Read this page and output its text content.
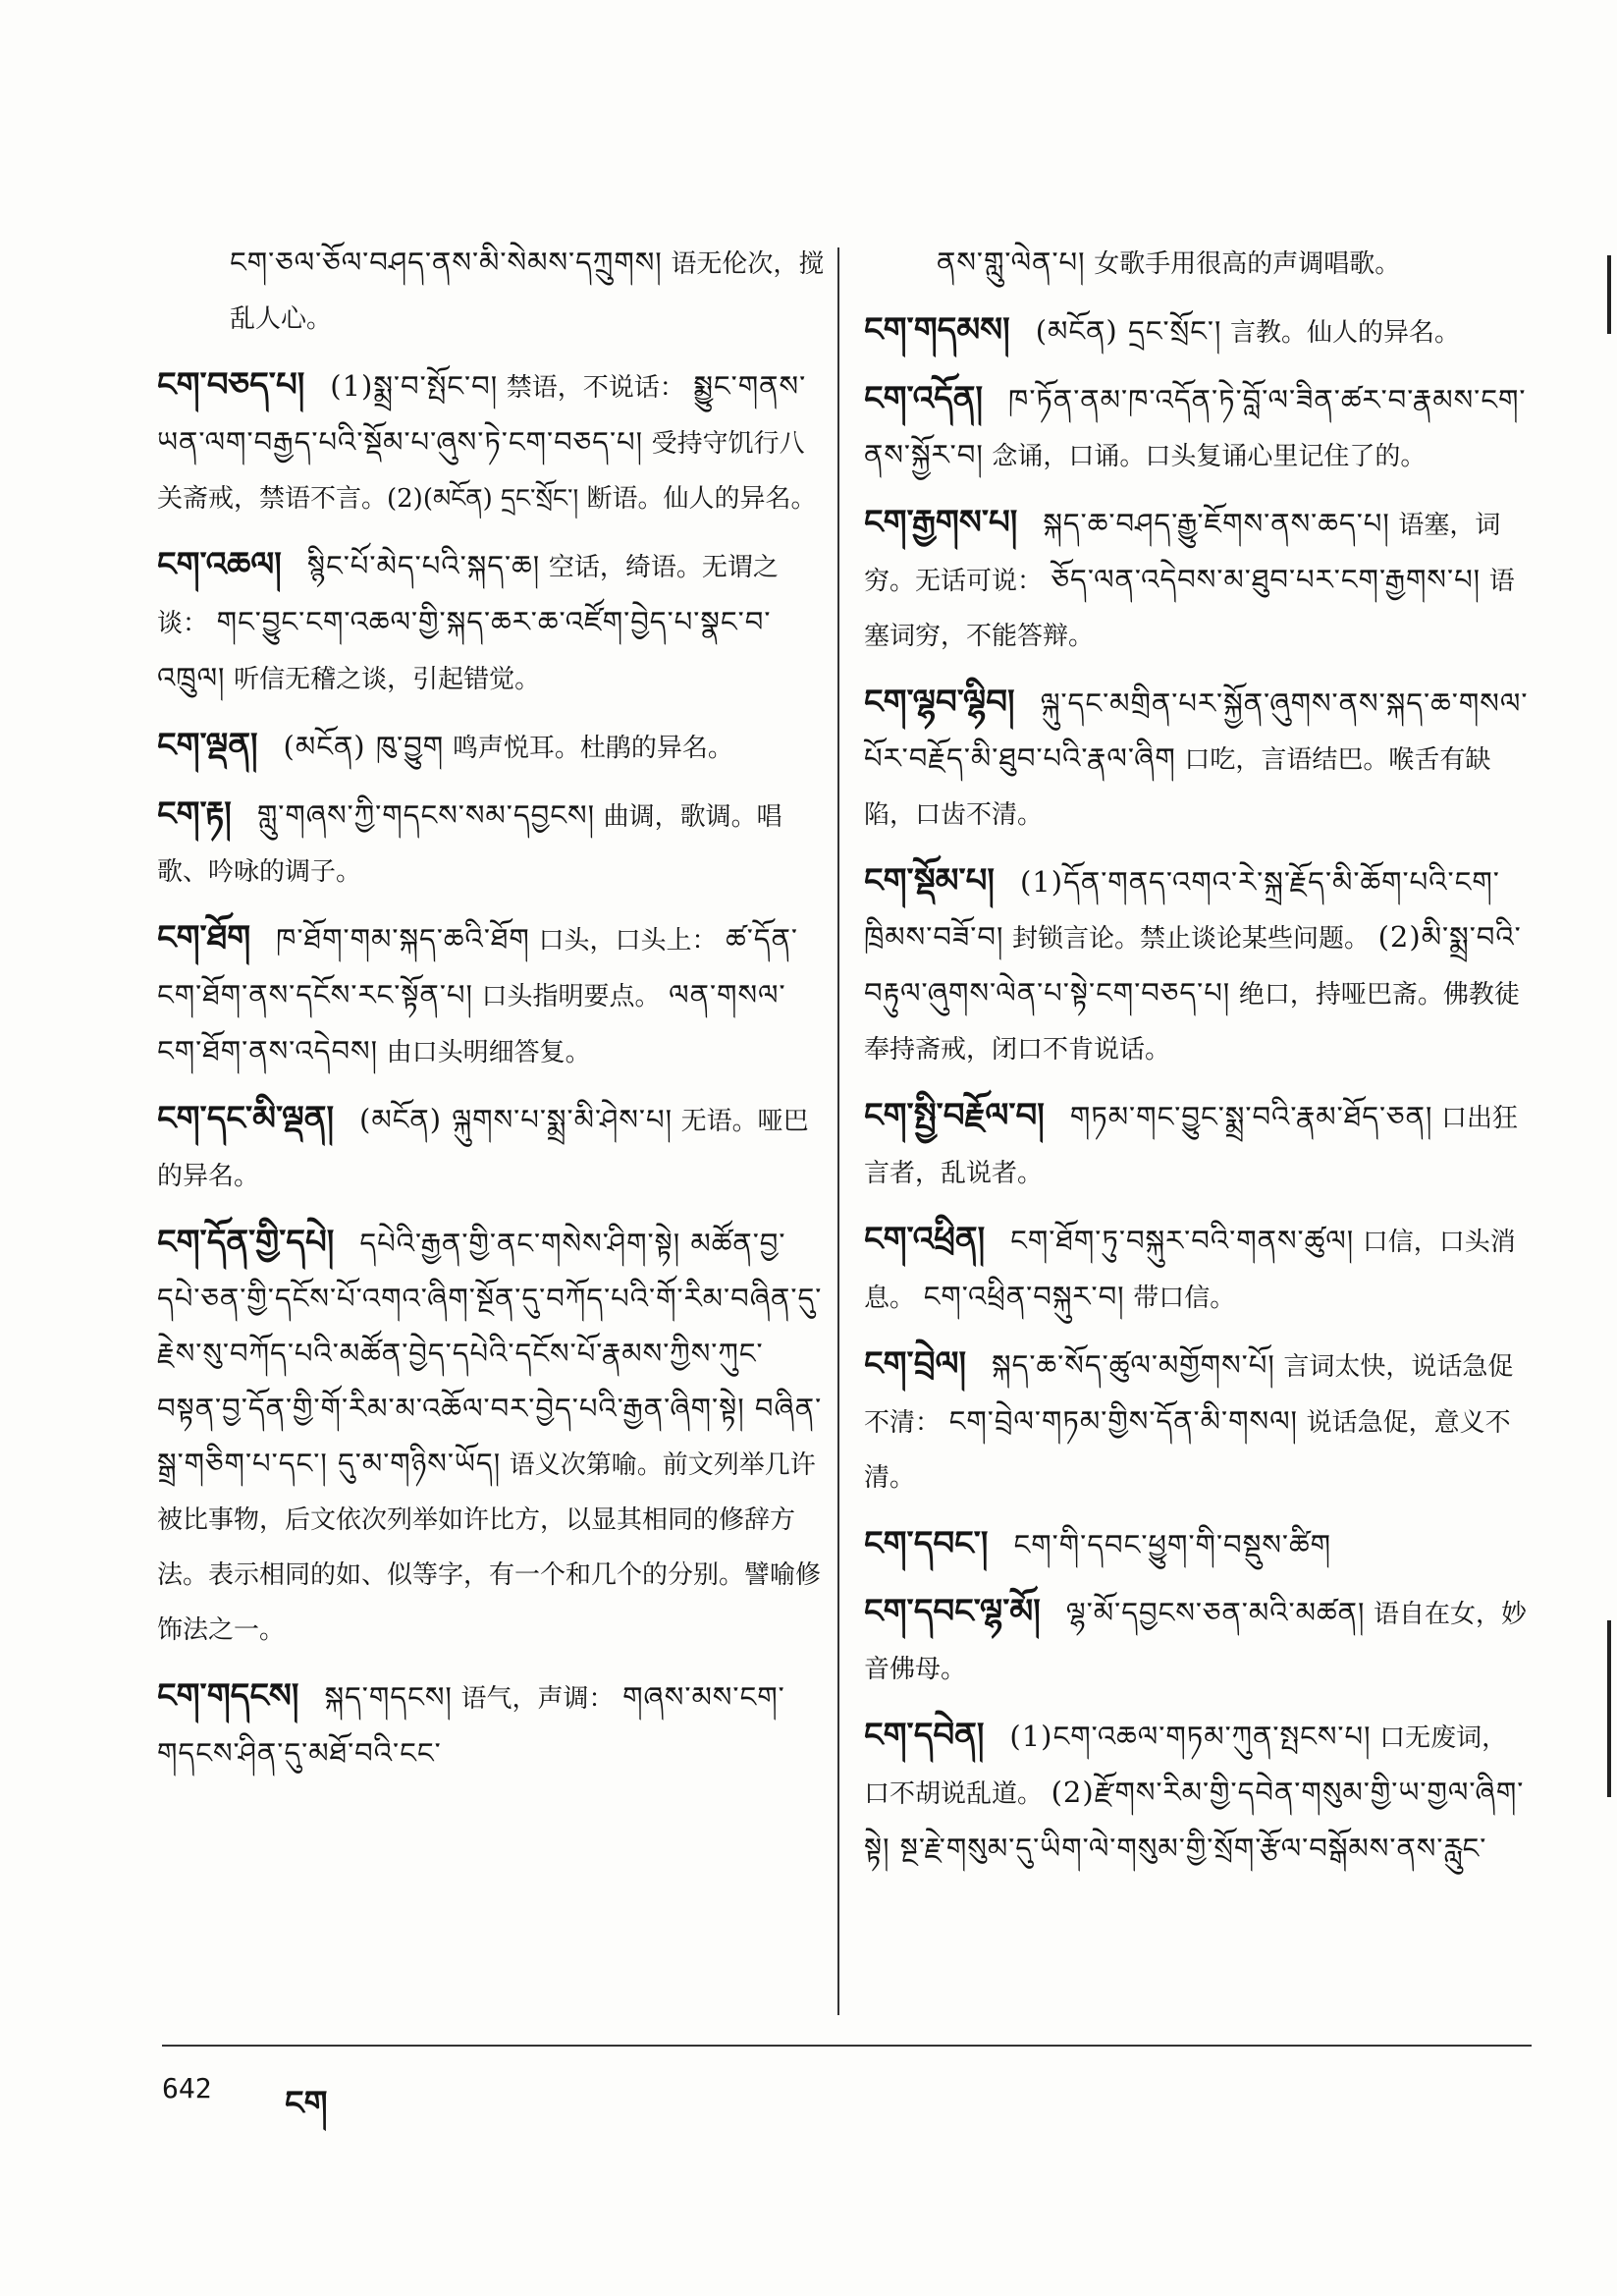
ངག་ཅལ་ཅོལ་བཤད་ནས་མི་སེམས་དཀྲུགས། 语无伦次，搅乱人心。
ངག་བཅད་པ། (1)སྨྲ་བ་སྤོང་བ། 禁语，不说话： སྨྱུང་གནས་ཡན་ལག་བརྒྱད་པའི་སྡོམ་པ་ཞུས་ཏེ་ངག་བཅད་པ། 受持守饥行八关斋戒，禁语不言。(2)(མངོན) དྲང་སྲོང་། 断语。仙人的异名。
ངག་འཆལ། སྙིང་པོ་མེད་པའི་སྐད་ཆ། 空话，绮语。无谓之谈： གང་བྱུང་ངག་འཆལ་གྱི་སྐད་ཆར་ཆ་འཛོག་བྱེད་པ་སྣང་བ་འཁྲུལ། 听信无稽之谈，引起错觉。
ངག་ལྡན། (མངོན) ཁུ་བྱུག 鸣声悦耳。杜鹃的异名。
ངག་རྟ། གླུ་གཞས་ཀྱི་གདངས་སམ་དབྱངས། 曲调，歌调。唱歌、吟咏的调子。
ངག་ཐོག ཁ་ཐོག་གམ་སྐད་ཆའི་ཐོག 口头，口头上： ཚ་དོན་ངག་ཐོག་ནས་དངོས་རང་སྟོན་པ། 口头指明要点。 ལན་གསལ་ངག་ཐོག་ནས་འདེབས། 由口头明细答复。
ངག་དང་མི་ལྡན། (མངོན) ལྐུགས་པ་སྨྲ་མི་ཤེས་པ། 无语。哑巴的异名。
ངག་དོན་གྱི་དཔེ། དཔེའི་རྒྱན་གྱི་ནང་གསེས་ཤིག་སྟེ། མཚོན་བྱ་དཔེ་ཅན་གྱི་དངོས་པོ་འགའ་ཞིག་སྔོན་དུ་བཀོད་པའི་གོ་རིམ་བཞིན་དུ་རྗེས་སུ་བཀོད་པའི་མཚོན་བྱེད་དཔེའི་དངོས་པོ་རྣམས་ཀྱིས་ཀུང་བསྟན་བྱ་དོན་གྱི་གོ་རིམ་མ་འཆོལ་བར་བྱེད་པའི་རྒྱན་ཞིག་སྟེ། བཞིན་སྒྲ་གཅིག་པ་དང་། དུ་མ་གཉིས་ཡོད། 语义次第喻。前文列举几许被比事物，后文依次列举如许比方，以显其相同的修辞方法。表示相同的如、似等字，有一个和几个的分别。譬喻修饰法之一。
ངག་གདངས། སྐད་གདངས། 语气，声调： གཞས་མས་ངག་གདངས་ཤིན་དུ་མཐོ་བའི་ངང་
ནས་གླུ་ལེན་པ། 女歌手用很高的声调唱歌。
ངག་གདམས། (མངོན) དྲང་སྲོང་། 言教。仙人的异名。
ངག་འདོན། ཁ་ཏོན་ནམ་ཁ་འདོན་ཏེ་བློ་ལ་ཟིན་ཚར་བ་རྣམས་ངག་ནས་སྐྱོར་བ། 念诵，口诵。口头复诵心里记住了的。
ངག་རྒྱགས་པ། སྐད་ཆ་བཤད་རྒྱུ་ཇོགས་ནས་ཆད་པ། 语塞，词穷。无话可说： ཅོད་ལན་འདེབས་མ་ཐུབ་པར་ངག་རྒྱགས་པ། 语塞词穷，不能答辩。
ངག་ལྷབ་ལྷིབ། ལྐུ་དང་མགྲིན་པར་སྐྱོན་ཞུགས་ནས་སྐད་ཆ་གསལ་པོར་བརྗོད་མི་ཐུབ་པའི་རྣལ་ཞིག 口吃，言语结巴。喉舌有缺陷，口齿不清。
ངག་སྡོམ་པ། (1)དོན་གནད་འགའ་རེ་སྐྲ་རྗོད་མི་ཆོག་པའི་ངག་ཁྲིམས་བཟོ་བ། 封锁言论。禁止谈论某些问题。 (2)མི་སྨྲ་བའི་བརྟུལ་ཞུགས་ལེན་པ་སྟེ་ངག་བཅད་པ། 绝口，持哑巴斋。佛教徒奉持斋戒，闭口不肯说话。
ངག་སྤྱི་བརྗོལ་བ། གཏམ་གང་བྱུང་སྨྲ་བའི་རྣམ་ཐོད་ཅན། 口出狂言者，乱说者。
ངག་འཕྲིན། ངག་ཐོག་ཏུ་བསྐུར་བའི་གནས་ཚུལ། 口信，口头消息。 ངག་འཕྲིན་བསྐུར་བ། 带口信。
ངག་བྲེལ། སྐད་ཆ་སོད་ཚུལ་མགྱོགས་པོ། 言词太快，说话急促不清： ངག་བྲེལ་གཏམ་གྱིས་དོན་མི་གསལ། 说话急促，意义不清。
ངག་དབང་། ངག་གི་དབང་ཕྱུག་གི་བསྡུས་ཚིག
ངག་དབང་ལྷ་མོ། ལྷ་མོ་དབྱངས་ཅན་མའི་མཚན། 语自在女，妙音佛母。
ངག་དབེན། (1)ངག་འཆལ་གཏམ་ཀུན་སྤངས་པ། 口无废词，口不胡说乱道。 (2)རྫོགས་རིམ་གྱི་དབེན་གསུམ་གྱི་ཡ་གྱལ་ཞིག་སྟེ། སྔ་རྗེ་གསུམ་དུ་ཡིག་ལེ་གསུམ་གྱི་སྲོག་རྩོལ་བསྒོམས་ནས་རླུང་
642 ངག
